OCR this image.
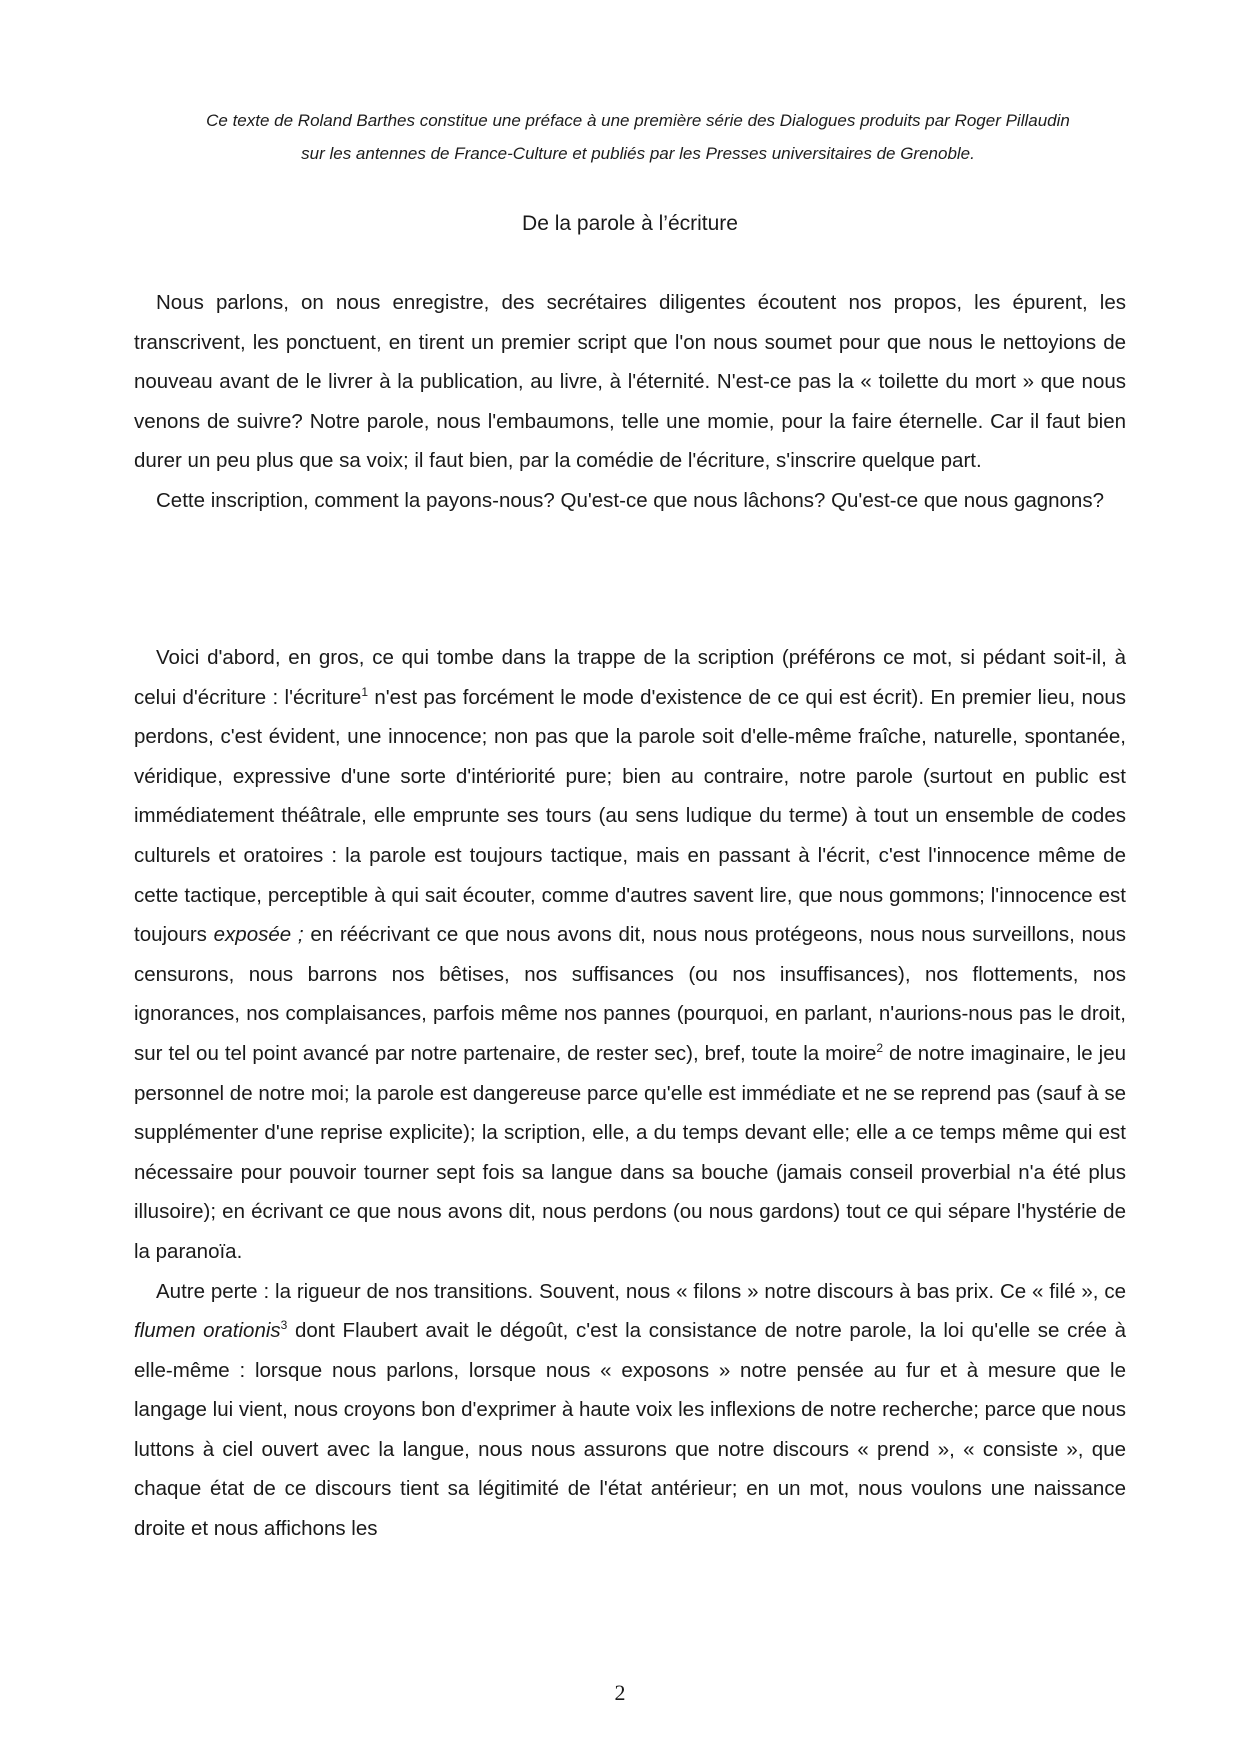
Ce texte de Roland Barthes constitue une préface à une première série des Dialogues produits par Roger Pillaudin

sur les antennes de France-Culture et publiés par les Presses universitaires de Grenoble.

De la parole à l’écriture

Nous parlons, on nous enregistre, des secrétaires diligentes écoutent nos propos, les épurent, les transcrivent, les ponctuent, en tirent un premier script que l'on nous soumet pour que nous le nettoyions de nouveau avant de le livrer à la publication, au livre, à l'éternité. N'est-ce pas la « toilette du mort » que nous venons de suivre? Notre parole, nous l'embaumons, telle une momie, pour la faire éternelle. Car il faut bien durer un peu plus que sa voix; il faut bien, par la comédie de l'écriture, s'inscrire quelque part.

Cette inscription, comment la payons-nous? Qu'est-ce que nous lâchons? Qu'est-ce que nous gagnons?

Voici d'abord, en gros, ce qui tombe dans la trappe de la scription (préférons ce mot, si pédant soit-il, à celui d'écriture : l'écriture$^1$ n'est pas forcément le mode d'existence de ce qui est écrit). En premier lieu, nous perdons, c'est évident, une innocence; non pas que la parole soit d'elle-même fraîche, naturelle, spontanée, véridique, expressive d'une sorte d'intériorité pure; bien au contraire, notre parole (surtout en public est immédiatement théâtrale, elle emprunte ses tours (au sens ludique du terme) à tout un ensemble de codes culturels et oratoires : la parole est toujours tactique, mais en passant à l'écrit, c'est l'innocence même de cette tactique, perceptible à qui sait écouter, comme d'autres savent lire, que nous gommons; l'innocence est toujours exposée ; en réécrivant ce que nous avons dit, nous nous protégeons, nous nous surveillons, nous censurons, nous barrons nos bêtises, nos suffisances (ou nos insuffisances), nos flottements, nos ignorances, nos complaisances, parfois même nos pannes (pourquoi, en parlant, n'aurions-nous pas le droit, sur tel ou tel point avancé par notre partenaire, de rester sec), bref, toute la moire$^2$ de notre imaginaire, le jeu personnel de notre moi; la parole est dangereuse parce qu'elle est immédiate et ne se reprend pas (sauf à se supplémenter d'une reprise explicite); la scription, elle, a du temps devant elle; elle a ce temps même qui est nécessaire pour pouvoir tourner sept fois sa langue dans sa bouche (jamais conseil proverbial n'a été plus illusoire); en écrivant ce que nous avons dit, nous perdons (ou nous gardons) tout ce qui sépare l'hystérie de la paranoïa.

Autre perte : la rigueur de nos transitions. Souvent, nous « filons » notre discours à bas prix. Ce « filé », ce flumen orationis$^3$ dont Flaubert avait le dégoût, c'est la consistance de notre parole, la loi qu'elle se crée à elle-même : lorsque nous parlons, lorsque nous « exposons » notre pensée au fur et à mesure que le langage lui vient, nous croyons bon d'exprimer à haute voix les inflexions de notre recherche; parce que nous luttons à ciel ouvert avec la langue, nous nous assurons que notre discours « prend », « consiste », que chaque état de ce discours tient sa légitimité de l'état antérieur; en un mot, nous voulons une naissance droite et nous affichons les

2
